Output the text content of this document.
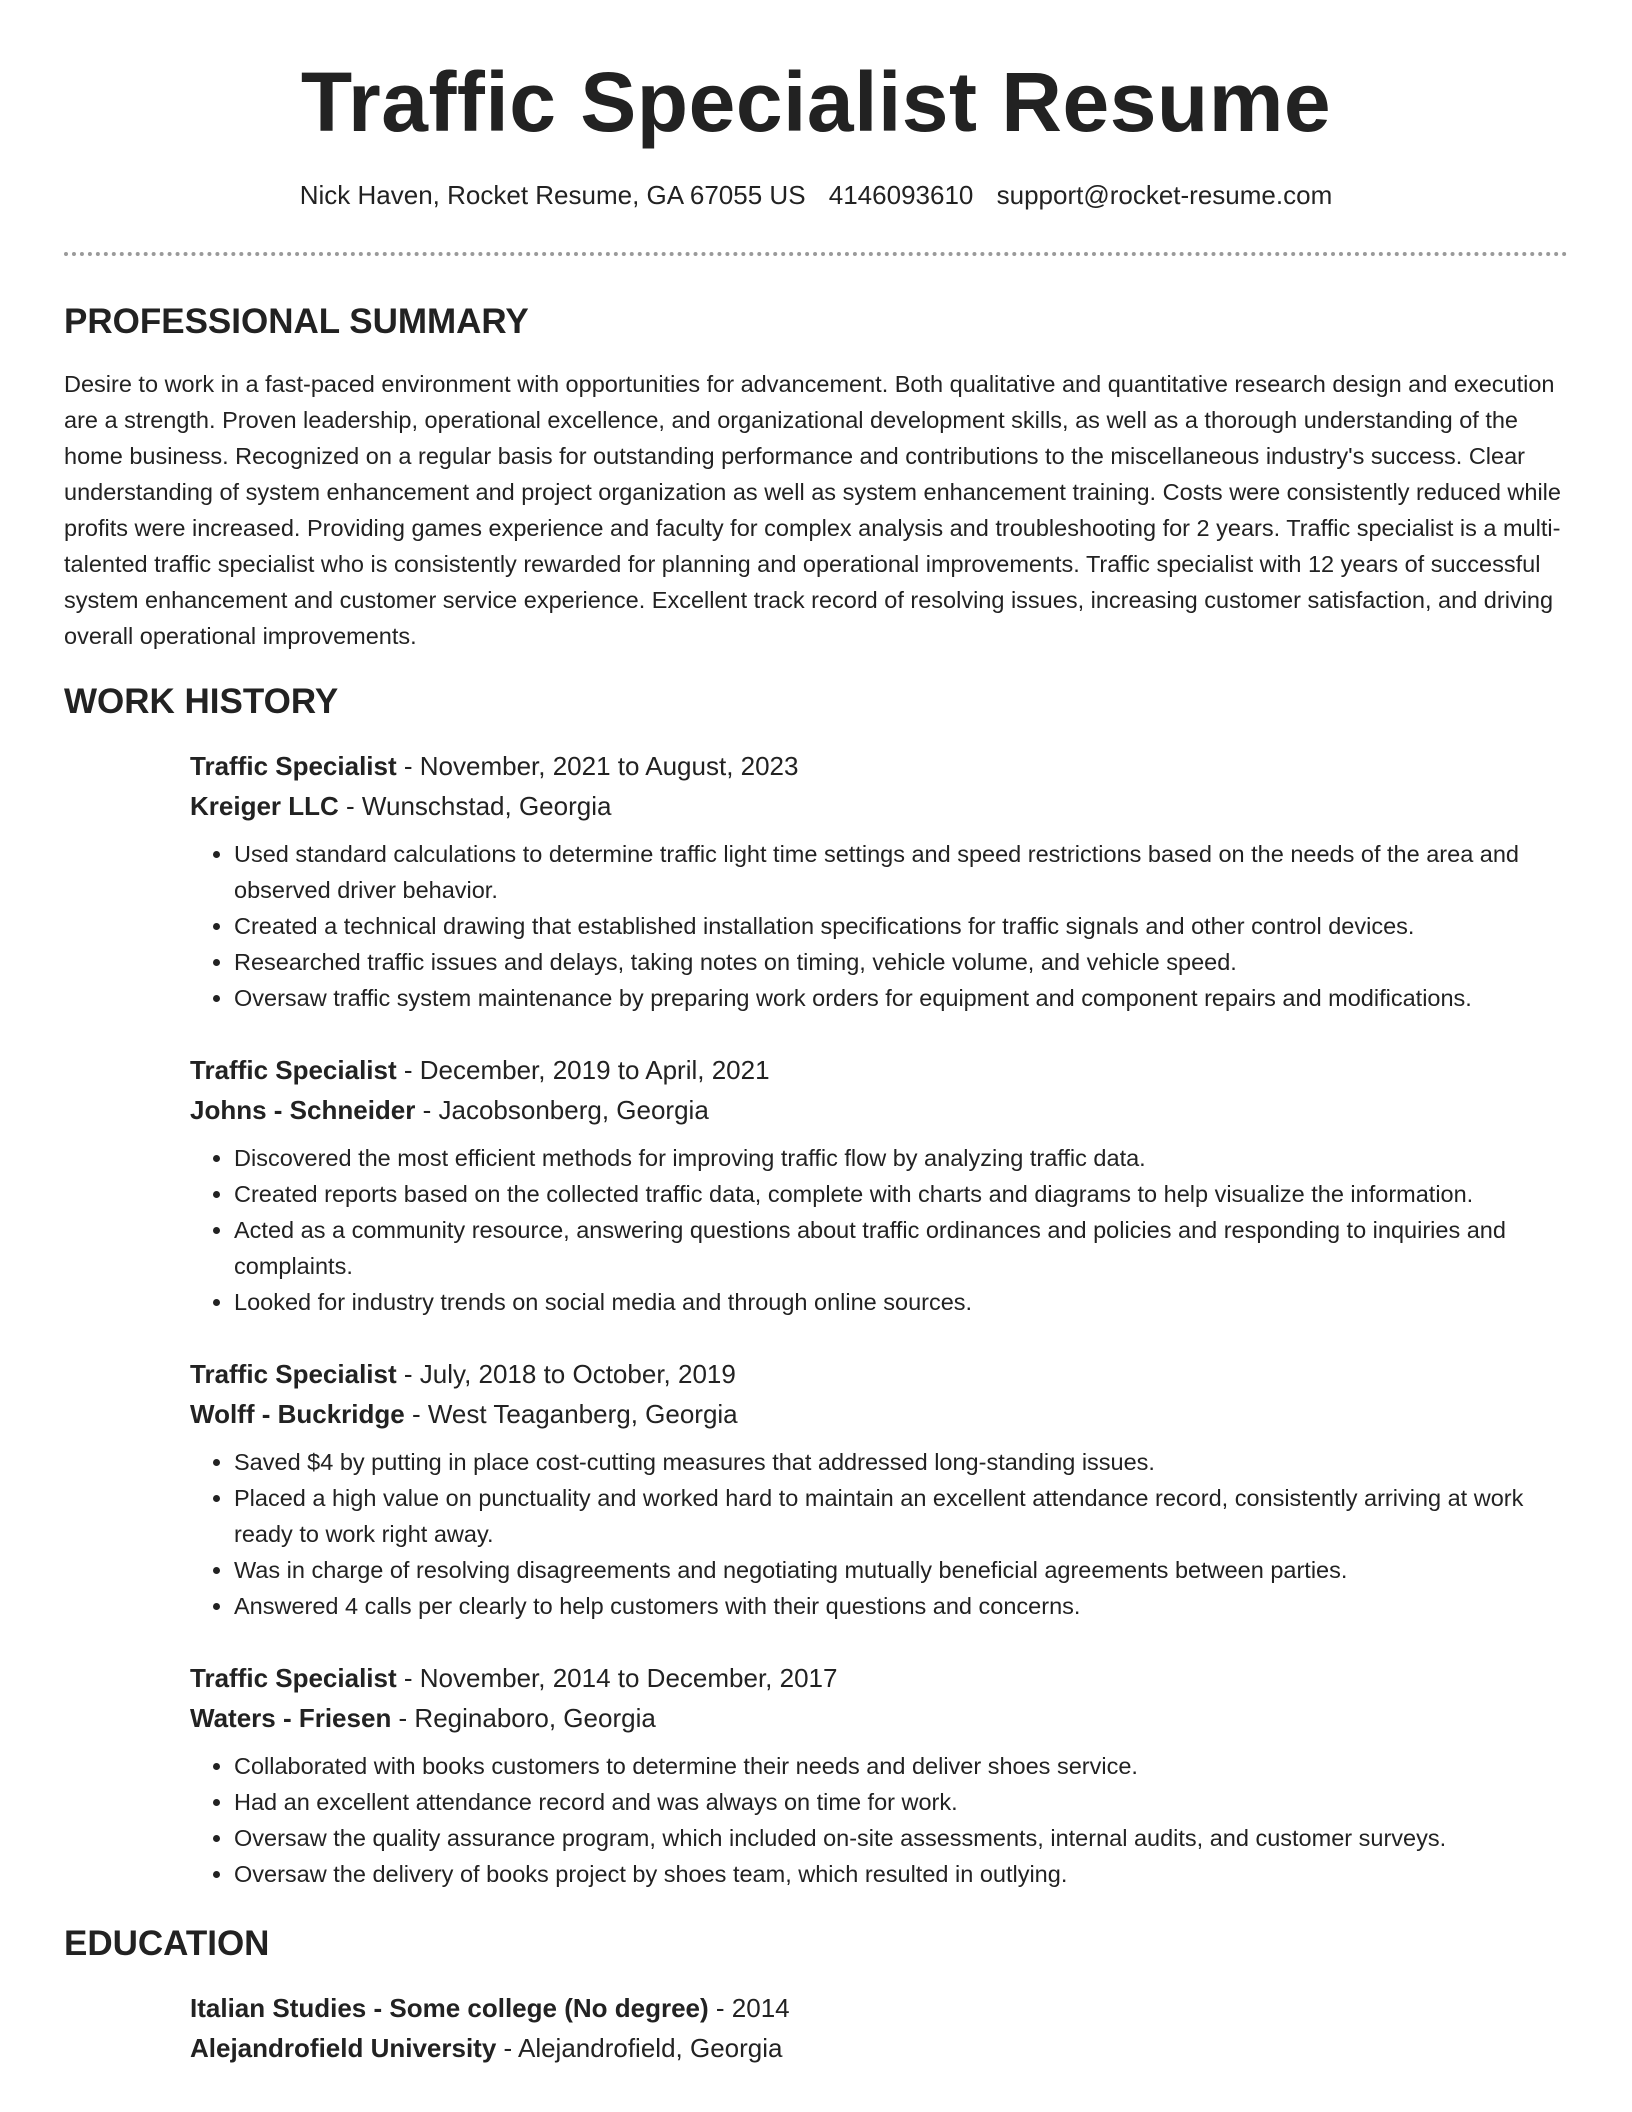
Traffic Specialist Resume
Nick Haven, Rocket Resume, GA 67055 US 4146093610 support@rocket-resume.com
PROFESSIONAL SUMMARY

Desire to work in a fast-paced environment with opportunities for advancement. Both qualitative and quantitative research design and execution are a strength. Proven leadership, operational excellence, and organizational development skills, as well as a thorough understanding of the home business. Recognized on a regular basis for outstanding performance and contributions to the miscellaneous industry's success. Clear understanding of system enhancement and project organization as well as system enhancement training. Costs were consistently reduced while profits were increased. Providing games experience and faculty for complex analysis and troubleshooting for 2 years. Traffic specialist is a multi-talented traffic specialist who is consistently rewarded for planning and operational improvements. Traffic specialist with 12 years of successful system enhancement and customer service experience. Excellent track record of resolving issues, increasing customer satisfaction, and driving overall operational improvements.

WORK HISTORY
Traffic Specialist - November, 2021 to August, 2023
Kreiger LLC - Wunschstad, Georgia
• Used standard calculations to determine traffic light time settings and speed restrictions based on the needs of the area and observed driver behavior.
• Created a technical drawing that established installation specifications for traffic signals and other control devices.
• Researched traffic issues and delays, taking notes on timing, vehicle volume, and vehicle speed.
• Oversaw traffic system maintenance by preparing work orders for equipment and component repairs and modifications.
Traffic Specialist - December, 2019 to April, 2021
Johns - Schneider - Jacobsonberg, Georgia
• Discovered the most efficient methods for improving traffic flow by analyzing traffic data.
• Created reports based on the collected traffic data, complete with charts and diagrams to help visualize the information.
• Acted as a community resource, answering questions about traffic ordinances and policies and responding to inquiries and complaints.
• Looked for industry trends on social media and through online sources.
Traffic Specialist - July, 2018 to October, 2019
Wolff - Buckridge - West Teaganberg, Georgia
• Saved $4 by putting in place cost-cutting measures that addressed long-standing issues.
• Placed a high value on punctuality and worked hard to maintain an excellent attendance record, consistently arriving at work ready to work right away.
• Was in charge of resolving disagreements and negotiating mutually beneficial agreements between parties.
• Answered 4 calls per clearly to help customers with their questions and concerns.
Traffic Specialist - November, 2014 to December, 2017
Waters - Friesen - Reginaboro, Georgia
• Collaborated with books customers to determine their needs and deliver shoes service.
• Had an excellent attendance record and was always on time for work.
• Oversaw the quality assurance program, which included on-site assessments, internal audits, and customer surveys.
• Oversaw the delivery of books project by shoes team, which resulted in outlying.
EDUCATION
Italian Studies - Some college (No degree) - 2014
Alejandrofield University - Alejandrofield, Georgia
